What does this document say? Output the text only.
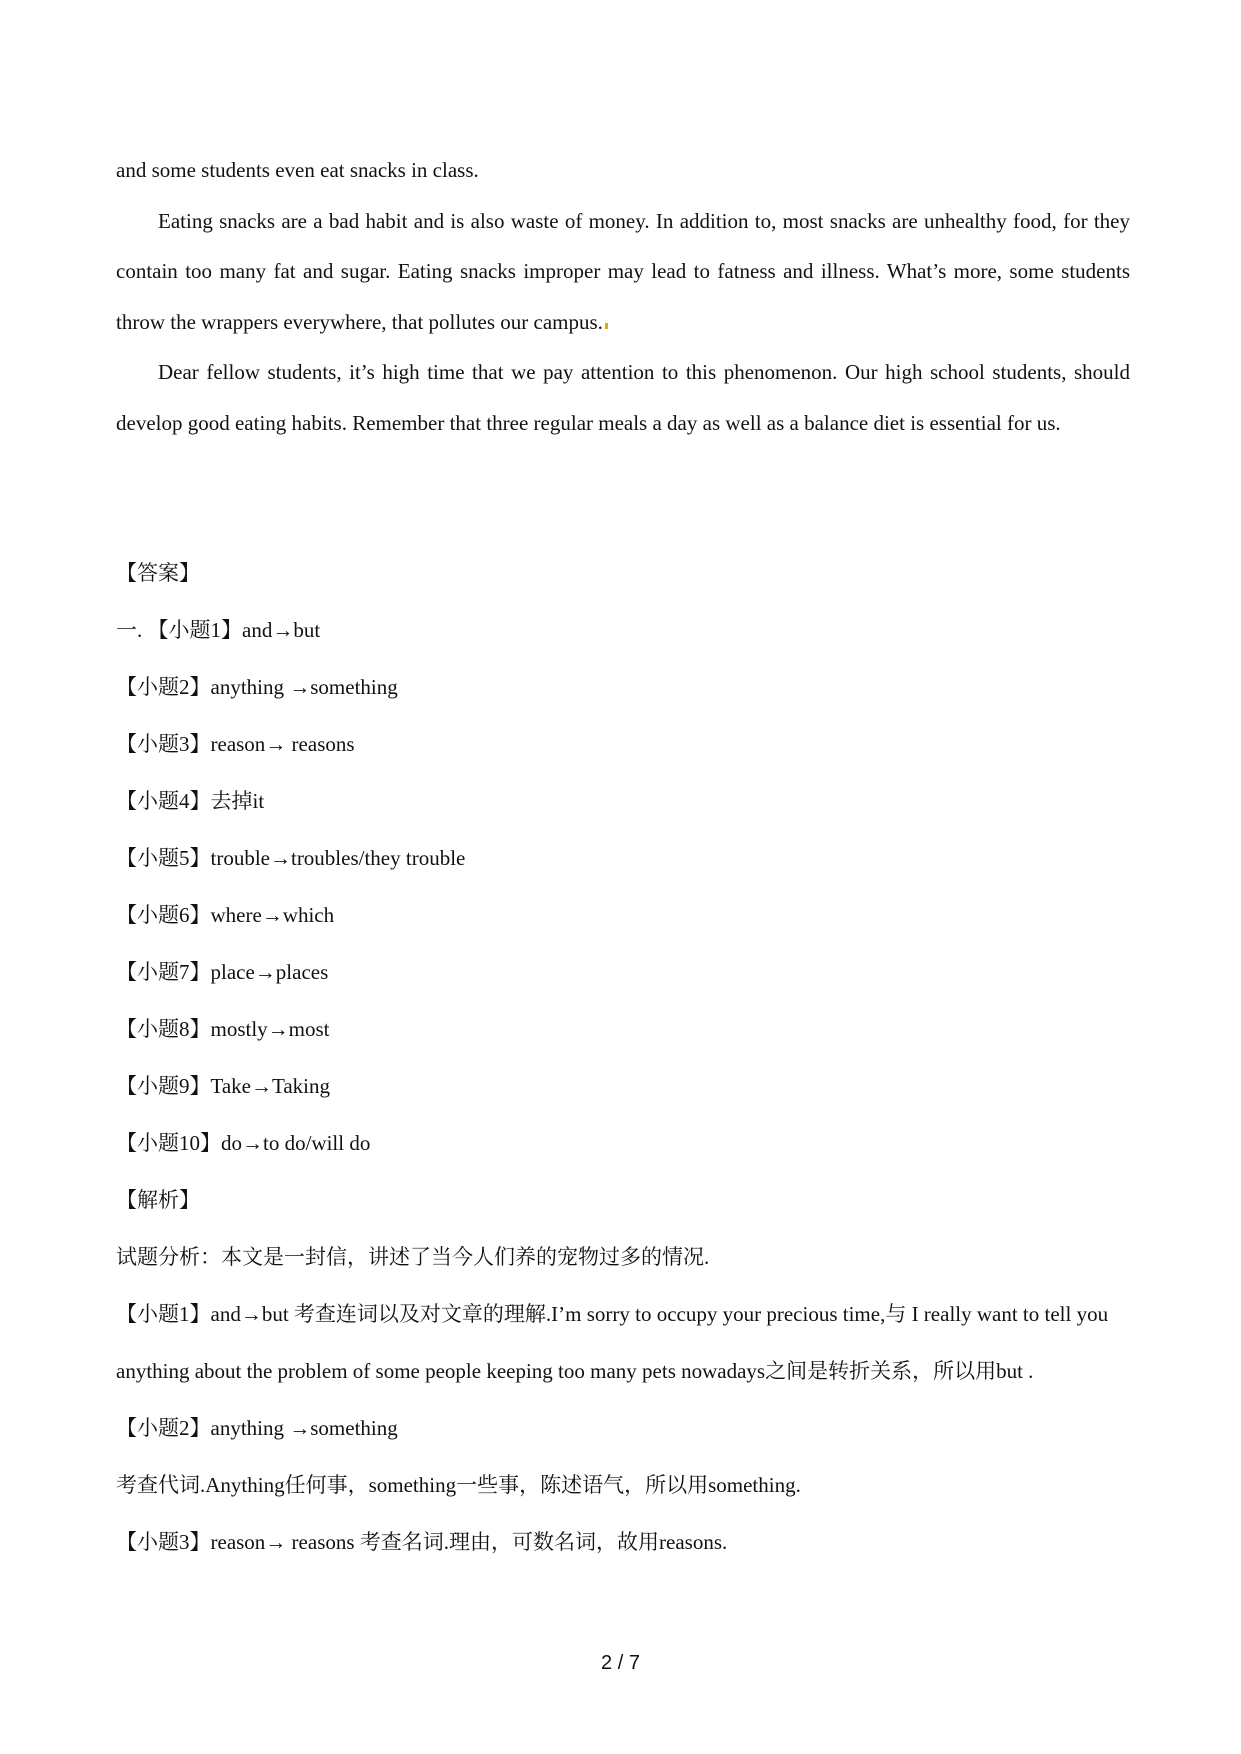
and some students even eat snacks in class.

Eating snacks are a bad habit and is also waste of money. In addition to, most snacks are unhealthy food, for they contain too many fat and sugar. Eating snacks improper may lead to fatness and illness. What’s more, some students throw the wrappers everywhere, that pollutes our campus.

Dear fellow students, it’s high time that we pay attention to this phenomenon. Our high school students, should develop good eating habits. Remember that three regular meals a day as well as a balance diet is essential for us.

【答案】

一. 【小题1】and→but

【小题2】anything →something

【小题3】reason→ reasons

【小题4】去掉it

【小题5】trouble→troubles/they trouble

【小题6】where→which

【小题7】place→places

【小题8】mostly→most

【小题9】Take→Taking

【小题10】do→to do/will do

【解析】

试题分析：本文是一封信，讲述了当今人们养的宠物过多的情况.

【小题1】and→but 考查连词以及对文章的理解.I’m sorry to occupy your precious time,与 I really want to tell you anything about the problem of some people keeping too many pets nowadays之间是转折关系，所以用but .

【小题2】anything →something

考查代词.Anything任何事，something一些事，陈述语气，所以用something.

【小题3】reason→ reasons 考查名词.理由，可数名词，故用reasons.

2 / 7
